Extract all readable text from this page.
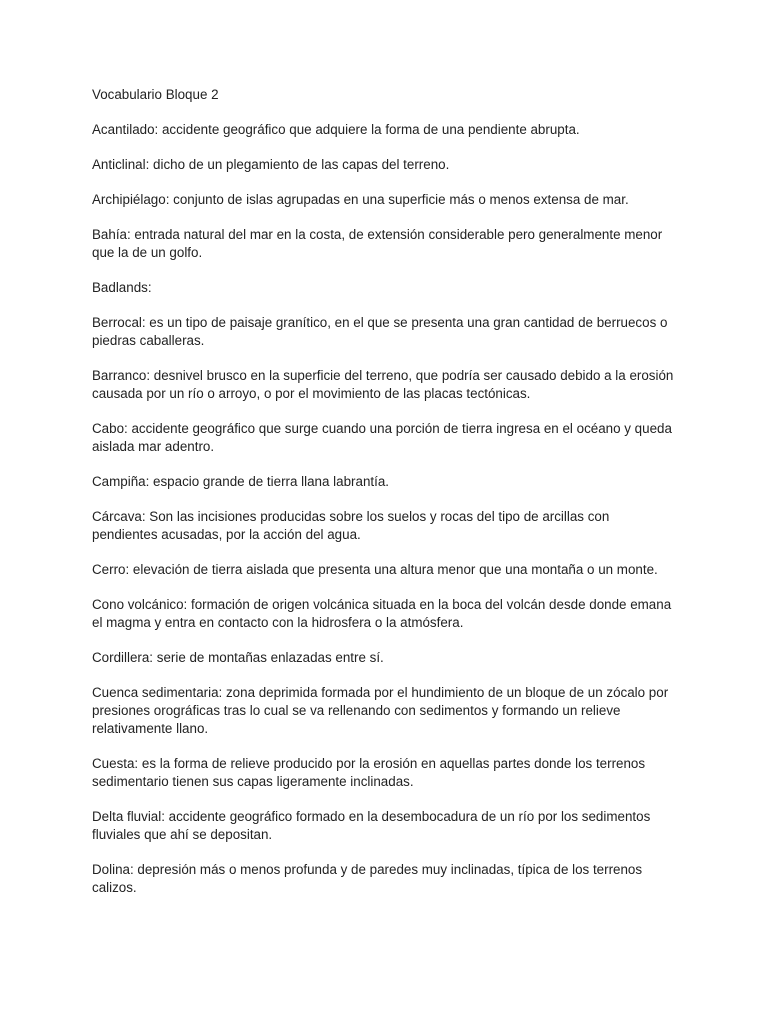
Vocabulario Bloque 2

Acantilado: accidente geográfico que adquiere la forma de una pendiente abrupta.

Anticlinal: dicho de un plegamiento de las capas del terreno.

Archipiélago: conjunto de islas agrupadas en una superficie más o menos extensa de mar.

Bahía: entrada natural del mar en la costa, de extensión considerable pero generalmente menor que la de un golfo.

Badlands:

Berrocal: es un tipo de paisaje granítico, en el que se presenta una gran cantidad de berruecos o piedras caballeras.

Barranco: desnivel brusco en la superficie del terreno, que podría ser causado debido a la erosión causada por un río o arroyo, o por el movimiento de las placas tectónicas.

Cabo: accidente geográfico que surge cuando una porción de tierra ingresa en el océano y queda aislada mar adentro.

Campiña: espacio grande de tierra llana labrantía.

Cárcava: Son las incisiones producidas sobre los suelos y rocas del tipo de arcillas con pendientes acusadas, por la acción del agua.

Cerro: elevación de tierra aislada que presenta una altura menor que una montaña o un monte.

Cono volcánico: formación de origen volcánica situada en la boca del volcán desde donde emana el magma y entra en contacto con la hidrosfera o la atmósfera.

Cordillera: serie de montañas enlazadas entre sí.

Cuenca sedimentaria: zona deprimida formada por el hundimiento de un bloque de un zócalo por presiones orográficas tras lo cual se va rellenando con sedimentos y formando un relieve relativamente llano.

Cuesta: es la forma de relieve producido por la erosión en aquellas partes donde los terrenos sedimentario tienen sus capas ligeramente inclinadas.

Delta fluvial: accidente geográfico formado en la desembocadura de un río por los sedimentos fluviales que ahí se depositan.

Dolina: depresión más o menos profunda y de paredes muy inclinadas, típica de los terrenos calizos.
